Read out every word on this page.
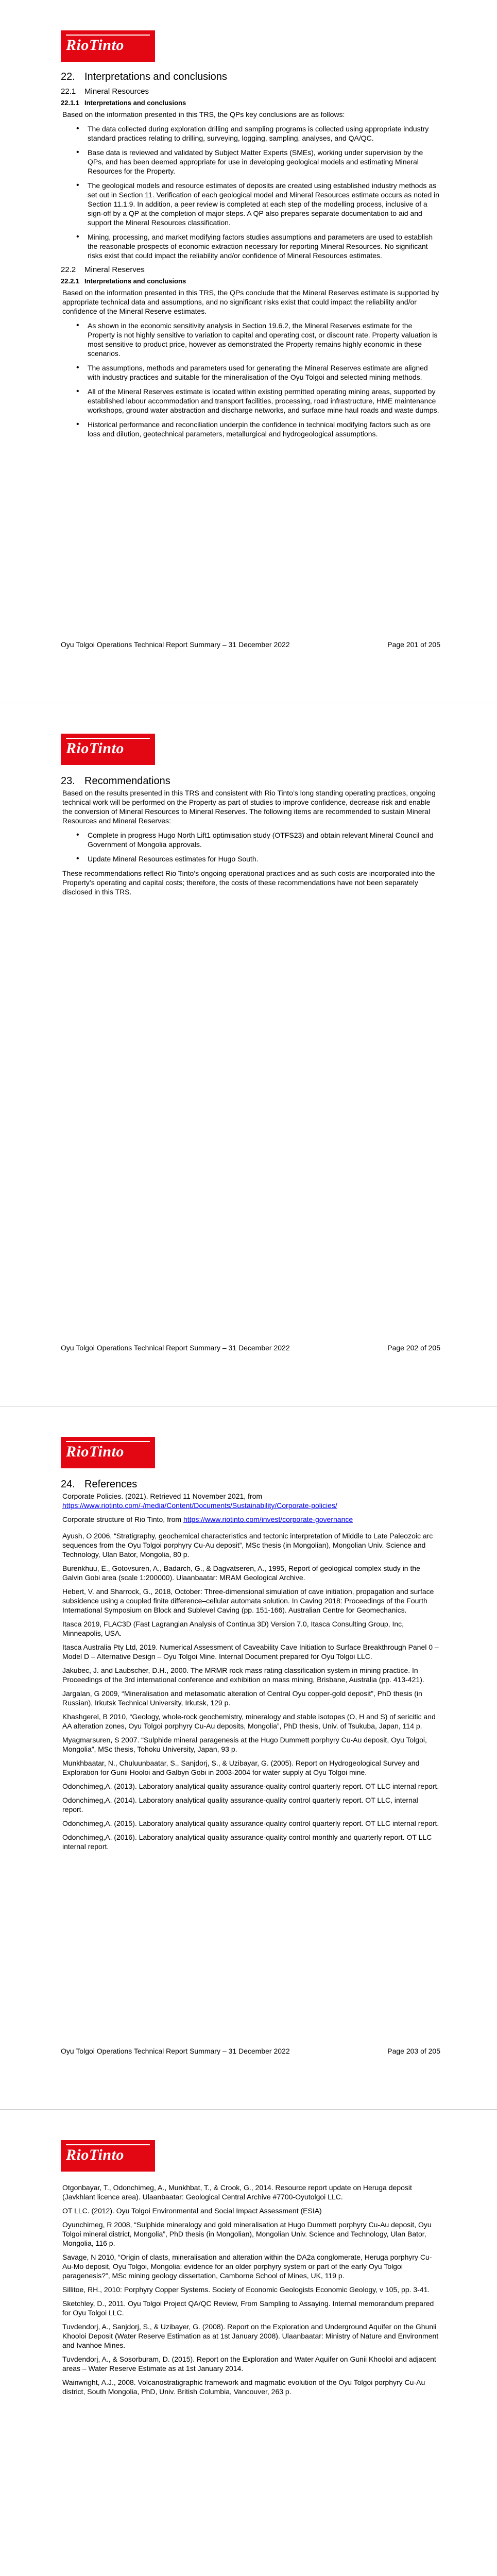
RioTinto
22. Interpretations and conclusions
22.1	Mineral Resources
22.1.1 Interpretations and conclusions

Based on the information presented in this TRS, the QPs key conclusions are as follows:

• The data collected during exploration drilling and sampling programs is collected using appropriate industry standard practices relating to drilling, surveying, logging, sampling, analyses, and QA/QC.
• Base data is reviewed and validated by Subject Matter Experts (SMEs), working under supervision by the QPs, and has been deemed appropriate for use in developing geological models and estimating Mineral Resources for the Property.
• The geological models and resource estimates of deposits are created using established industry methods as set out in Section 11. Verification of each geological model and Mineral Resources estimate occurs as noted in Section 11.1.9. In addition, a peer review is completed at each step of the modelling process, inclusive of a sign-off by a QP at the completion of major steps. A QP also prepares separate documentation to aid and support the Mineral Resources classification.
• Mining, processing, and market modifying factors studies assumptions and parameters are used to establish the reasonable prospects of economic extraction necessary for reporting Mineral Resources. No significant risks exist that could impact the reliability and/or confidence of Mineral Resources estimates.
22.2	Mineral Reserves
22.2.1 Interpretations and conclusions

Based on the information presented in this TRS, the QPs conclude that the Mineral Reserves estimate is supported by appropriate technical data and assumptions, and no significant risks exist that could impact the reliability and/or confidence of the Mineral Reserve estimates.

• As shown in the economic sensitivity analysis in Section 19.6.2, the Mineral Reserves estimate for the Property is not highly sensitive to variation to capital and operating cost, or discount rate. Property valuation is most sensitive to product price, however as demonstrated the Property remains highly economic in these scenarios.
• The assumptions, methods and parameters used for generating the Mineral Reserves estimate are aligned with industry practices and suitable for the mineralisation of the Oyu Tolgoi and selected mining methods.
• All of the Mineral Reserves estimate is located within existing permitted operating mining areas, supported by established labour accommodation and transport facilities, processing, road infrastructure, HME maintenance workshops, ground water abstraction and discharge networks, and surface mine haul roads and waste dumps.
• Historical performance and reconciliation underpin the confidence in technical modifying factors such as ore loss and dilution, geotechnical parameters, metallurgical and hydrogeological assumptions.
Oyu Tolgoi Operations Technical Report Summary – 31 December 2022	Page 201 of 205
RioTinto
23. Recommendations

Based on the results presented in this TRS and consistent with Rio Tinto’s long standing operating practices, ongoing technical work will be performed on the Property as part of studies to improve confidence, decrease risk and enable the conversion of Mineral Resources to Mineral Reserves. The following items are recommended to sustain Mineral Resources and Mineral Reserves:

• Complete in progress Hugo North Lift1 optimisation study (OTFS23) and obtain relevant Mineral Council and Government of Mongolia approvals.
• Update Mineral Resources estimates for Hugo South.

These recommendations reflect Rio Tinto’s ongoing operational practices and as such costs are incorporated into the Property’s operating and capital costs; therefore, the costs of these recommendations have not been separately disclosed in this TRS.

Oyu Tolgoi Operations Technical Report Summary – 31 December 2022	Page 202 of 205
RioTinto
24. References
Corporate Policies. (2021). Retrieved 11 November 2021, from https://www.riotinto.com/-/media/Content/Documents/Sustainability/Corporate-policies/
Corporate structure of Rio Tinto, from https://www.riotinto.com/invest/corporate-governance
Ayush, O 2006, “Stratigraphy, geochemical characteristics and tectonic interpretation of Middle to Late Paleozoic arc sequences from the Oyu Tolgoi porphyry Cu-Au deposit”, MSc thesis (in Mongolian), Mongolian Univ. Science and Technology, Ulan Bator, Mongolia, 80 p.
Burenkhuu, E., Gotovsuren, A., Badarch, G., & Dagvatseren, A., 1995, Report of geological complex study in the Galvin Gobi area (scale 1:200000). Ulaanbaatar: MRAM Geological Archive.
Hebert, V. and Sharrock, G., 2018, October: Three-dimensional simulation of cave initiation, propagation and surface subsidence using a coupled finite difference–cellular automata solution. In Caving 2018: Proceedings of the Fourth International Symposium on Block and Sublevel Caving (pp. 151-166). Australian Centre for Geomechanics.
Itasca 2019, FLAC3D (Fast Lagrangian Analysis of Continua 3D) Version 7.0, Itasca Consulting Group, Inc, Minneapolis, USA.
Itasca Australia Pty Ltd, 2019. Numerical Assessment of Caveability Cave Initiation to Surface Breakthrough Panel 0 – Model D – Alternative Design – Oyu Tolgoi Mine. Internal Document prepared for Oyu Tolgoi LLC.
Jakubec, J. and Laubscher, D.H., 2000. The MRMR rock mass rating classification system in mining practice. In Proceedings of the 3rd international conference and exhibition on mass mining, Brisbane, Australia (pp. 413-421).
Jargalan, G 2009, “Mineralisation and metasomatic alteration of Central Oyu copper-gold deposit”, PhD thesis (in Russian), Irkutsk Technical University, Irkutsk, 129 p.
Khashgerel, B 2010, “Geology, whole-rock geochemistry, mineralogy and stable isotopes (O, H and S) of sericitic and AA alteration zones, Oyu Tolgoi porphyry Cu-Au deposits, Mongolia”, PhD thesis, Univ. of Tsukuba, Japan, 114 p.
Myagmarsuren, S 2007. “Sulphide mineral paragenesis at the Hugo Dummett porphyry Cu-Au deposit, Oyu Tolgoi, Mongolia”, MSc thesis, Tohoku University, Japan, 93 p.
Munkhbaatar, N., Chuluunbaatar, S., Sanjdorj, S., & Uzibayar, G. (2005). Report on Hydrogeological Survey and Exploration for Gunii Hooloi and Galbyn Gobi in 2003-2004 for water supply at Oyu Tolgoi mine.
Odonchimeg,A. (2013). Laboratory analytical quality assurance-quality control quarterly report. OT LLC internal report.
Odonchimeg,A. (2014). Laboratory analytical quality assurance-quality control quarterly report. OT LLC, internal report.
Odonchimeg,A. (2015). Laboratory analytical quality assurance-quality control quarterly report. OT LLC internal report.
Odonchimeg,A. (2016). Laboratory analytical quality assurance-quality control monthly and quarterly report. OT LLC internal report.
Oyu Tolgoi Operations Technical Report Summary – 31 December 2022	Page 203 of 205
RioTinto
Otgonbayar, T., Odonchimeg, A., Munkhbat, T., & Crook, G., 2014. Resource report update on Heruga deposit (Javkhlant licence area). Ulaanbaatar: Geological Central Archive #7700-Oyutolgoi LLC.
OT LLC. (2012). Oyu Tolgoi Environmental and Social Impact Assessment (ESIA)
Oyunchimeg, R 2008, “Sulphide mineralogy and gold mineralisation at Hugo Dummett porphyry Cu-Au deposit, Oyu Tolgoi mineral district, Mongolia”, PhD thesis (in Mongolian), Mongolian Univ. Science and Technology, Ulan Bator, Mongolia, 116 p.
Savage, N 2010, “Origin of clasts, mineralisation and alteration within the DA2a conglomerate, Heruga porphyry Cu-Au-Mo deposit, Oyu Tolgoi, Mongolia: evidence for an older porphyry system or part of the early Oyu Tolgoi paragenesis?”, MSc mining geology dissertation, Camborne School of Mines, UK, 119 p.
Sillitoe, RH., 2010: Porphyry Copper Systems. Society of Economic Geologists Economic Geology, v 105, pp. 3-41.
Sketchley, D., 2011. Oyu Tolgoi Project QA/QC Review, From Sampling to Assaying. Internal memorandum prepared for Oyu Tolgoi LLC.
Tuvdendorj, A., Sanjdorj, S., & Uzibayer, G. (2008). Report on the Exploration and Underground Aquifer on the Ghunii Khooloi Deposit (Water Reserve Estimation as at 1st January 2008). Ulaanbaatar: Ministry of Nature and Environment and Ivanhoe Mines.
Tuvdendorj, A., & Sosorburam, D. (2015). Report on the Exploration and Water Aquifer on Gunii Khooloi and adjacent areas – Water Reserve Estimate as at 1st January 2014.
Wainwright, A.J., 2008. Volcanostratigraphic framework and magmatic evolution of the Oyu Tolgoi porphyry Cu-Au district, South Mongolia, PhD, Univ. British Columbia, Vancouver, 263 p.
